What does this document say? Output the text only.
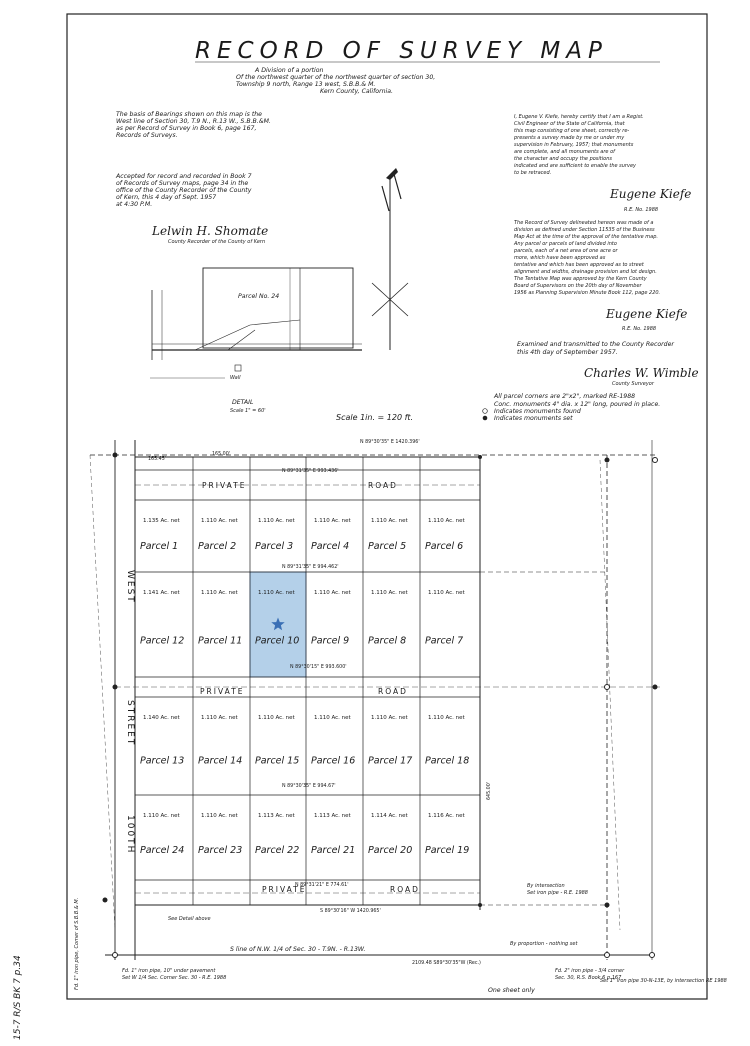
RECORD OF SURVEY MAP
A Division of a portion
Of the northwest quarter of the northwest quarter of section 30,
Township 9 north, Range 13 west, S.B.B.& M.
Kern County, California.
The basis of Bearings shown on this map is the
West line of Section 30, T.9 N., R.13 W., S.B.B.&M.
as per Record of Survey in Book 6, page 167,
Records of Surveys.
Accepted for record and recorded in Book 7
of Records of Survey maps, page 34 in the
office of the County Recorder of the County
of Kern, this 4 day of Sept. 1957
at 4:30 P.M.
Lelwin H. Shomate
County Recorder of the County of Kern
I, Eugene V. Kiefe, hereby certify that I am a Regist.
Civil Engineer of the State of California, that
this map consisting of one sheet, correctly re-
presents a survey made by me or under my
supervision in February, 1957; that monuments
are complete, and all monuments are of
the character and occupy the positions
indicated and are sufficient to enable the survey
to be retraced.
Eugene Kiefe
R.E. No. 1988
The Record of Survey delineated hereon was made of a
division as defined under Section 11535 of the Business
Map Act at the time of the approval of the tentative map.
Any parcel or parcels of land divided into
parcels, each of a net area of one acre or
more, which have been approved as
tentative and which has been approved as to street
alignment and widths, drainage provision and lot design.
The Tentative Map was approved by the Kern County
Board of Supervisors on the 20th day of November
1956 as Planning Supervision Minute Book 112, page 220.
Eugene Kiefe
R.E. No. 1988
Examined and transmitted to the County Recorder
this 4th day of September 1957.
Charles W. Wimble
County Surveyor
All parcel corners are 2"x2", marked RE-1988
Conc. monuments 4" dia. x 12" long, poured in place.
Indicates monuments found
Indicates monuments set
Parcel No. 24
Wall
DETAIL
Scale 1" = 60'
Scale 1in. = 120 ft.
PRIVATE	ROAD
PRIVATE	ROAD
PRIVATE	ROAD
WEST
STREET
100TH
N 89°30'35" E 1420.396'
165.45'
N 89°31'35" E 993.436'
N 89°31'35" E 994.462'
N 89°30'15" E 993.600'
N 89°30'35" E 994.67'
N 89°31'21" E 774.61'
S 89°30'16" W 1420.965'
S line of N.W. 1/4 of Sec. 30 - T.9N. - R.13W.
2109.48 S89°30'35"W (Rec.)
645.00'
165.00'
Fd. 1" iron pipe, 10" under pavement
Set W 1/4 Sec. Corner Sec. 30 - R.E. 1988
Fd. 1" iron pipe, Comer of S.B.B.& M.	See Detail above
By intersection
Set iron pipe - R.E. 1988
By proportion - nothing set
Fd. 2" iron pipe - 3/4 corner
Sec. 30, R.S. Book 6 p.167
Set 1" iron pipe 30-N-13E, by intersection RE 1988
1.135 Ac. net
Parcel 1
1.110 Ac. net
Parcel 2
1.110 Ac. net
Parcel 3
1.110 Ac. net
Parcel 4
1.110 Ac. net
Parcel 5
1.110 Ac. net
Parcel 6
1.141 Ac. net
Parcel 12
1.110 Ac. net
Parcel 11
1.110 Ac. net
Parcel 10
1.110 Ac. net
Parcel 9
1.110 Ac. net
Parcel 8
1.110 Ac. net
Parcel 7
1.140 Ac. net
Parcel 13
1.110 Ac. net
Parcel 14
1.110 Ac. net
Parcel 15
1.110 Ac. net
Parcel 16
1.110 Ac. net
Parcel 17
1.110 Ac. net
Parcel 18
1.110 Ac. net
Parcel 24
1.110 Ac. net
Parcel 23
1.113 Ac. net
Parcel 22
1.113 Ac. net
Parcel 21
1.114 Ac. net
Parcel 20
1.116 Ac. net
Parcel 19
One sheet only
15-7 R/S BK 7 p.34
